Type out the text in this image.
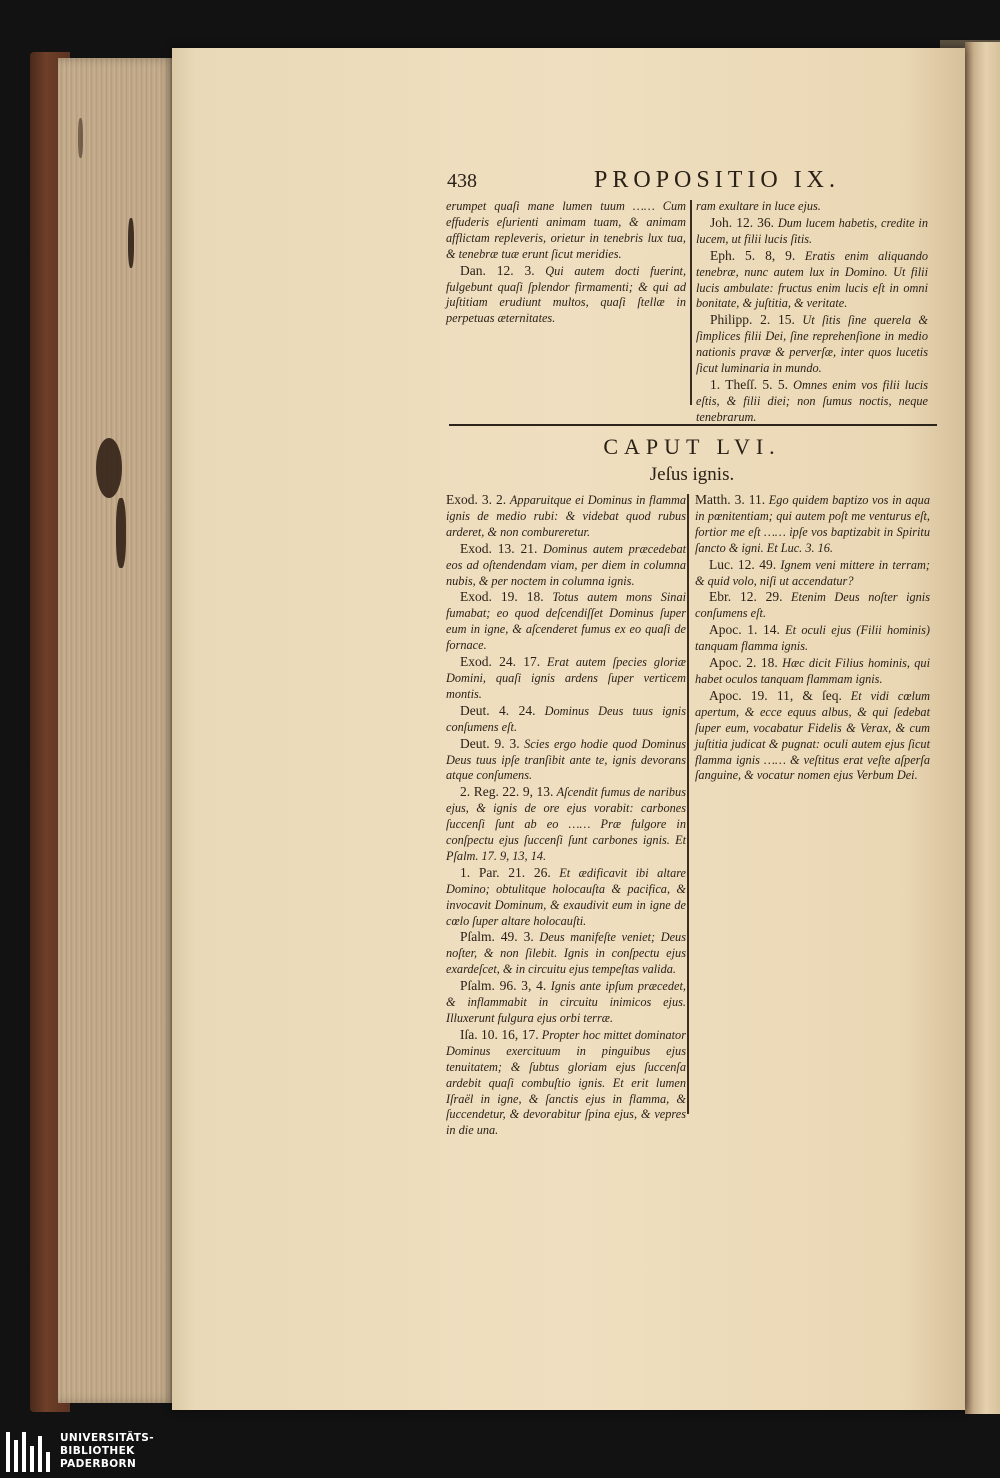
438	PROPOSITIO IX.

erumpet quaſi mane lumen tuum …… Cum effuderis eſurienti animam tuam, & animam afflictam repleveris, orietur in tenebris lux tua, & tenebræ tuæ erunt ſicut meridies.

Dan. 12. 3. Qui autem docti fuerint, fulgebunt quaſi ſplendor firmamenti; & qui ad juſtitiam erudiunt multos, quaſi ſtellæ in perpetuas æternitates.

ram exultare in luce ejus.

Joh. 12. 36. Dum lucem habetis, credite in lucem, ut filii lucis ſitis.

Eph. 5. 8, 9. Eratis enim aliquando tenebræ, nunc autem lux in Domino. Ut filii lucis ambulate: fructus enim lucis eſt in omni bonitate, & juſtitia, & veritate.

Philipp. 2. 15. Ut ſitis ſine querela & ſimplices filii Dei, ſine reprehenſione in medio nationis pravæ & perverſæ, inter quos lucetis ſicut luminaria in mundo.

1. Theſſ. 5. 5. Omnes enim vos filii lucis eſtis, & filii diei; non ſumus noctis, neque tenebrarum.

CAPUT LVI.
Jeſus ignis.

Exod. 3. 2. Apparuitque ei Dominus in flamma ignis de medio rubi: & videbat quod rubus arderet, & non combureretur.

Exod. 13. 21. Dominus autem præcedebat eos ad oſtendendam viam, per diem in columna nubis, & per noctem in columna ignis.

Exod. 19. 18. Totus autem mons Sinai fumabat; eo quod deſcendiſſet Dominus ſuper eum in igne, & aſcenderet fumus ex eo quaſi de fornace.

Exod. 24. 17. Erat autem ſpecies gloriæ Domini, quaſi ignis ardens ſuper verticem montis.

Deut. 4. 24. Dominus Deus tuus ignis conſumens eſt.

Deut. 9. 3. Scies ergo hodie quod Dominus Deus tuus ipſe tranſibit ante te, ignis devorans atque conſumens.

2. Reg. 22. 9, 13. Aſcendit fumus de naribus ejus, & ignis de ore ejus vorabit: carbones ſuccenſi ſunt ab eo …… Præ fulgore in conſpectu ejus ſuccenſi ſunt carbones ignis. Et Pſalm. 17. 9, 13, 14.

1. Par. 21. 26. Et ædificavit ibi altare Domino; obtulitque holocauſta & pacifica, & invocavit Dominum, & exaudivit eum in igne de cœlo ſuper altare holocauſti.

Pſalm. 49. 3. Deus manifeſte veniet; Deus noſter, & non ſilebit. Ignis in conſpectu ejus exardeſcet, & in circuitu ejus tempeſtas valida.

Pſalm. 96. 3, 4. Ignis ante ipſum præcedet, & inflammabit in circuitu inimicos ejus. Illuxerunt fulgura ejus orbi terræ.

Iſa. 10. 16, 17. Propter hoc mittet dominator Dominus exercituum in pinguibus ejus tenuitatem; & ſubtus gloriam ejus ſuccenſa ardebit quaſi combuſtio ignis. Et erit lumen Iſraël in igne, & ſanctis ejus in flamma, & ſuccendetur, & devorabitur ſpina ejus, & vepres in die una.

Matth. 3. 11. Ego quidem baptizo vos in aqua in pœnitentiam; qui autem poſt me venturus eſt, fortior me eſt …… ipſe vos baptizabit in Spiritu ſancto & igni. Et Luc. 3. 16.

Luc. 12. 49. Ignem veni mittere in terram; & quid volo, niſi ut accendatur?

Ebr. 12. 29. Etenim Deus noſter ignis conſumens eſt.

Apoc. 1. 14. Et oculi ejus (Filii hominis) tanquam flamma ignis.

Apoc. 2. 18. Hæc dicit Filius hominis, qui habet oculos tanquam flammam ignis.

Apoc. 19. 11, & ſeq. Et vidi cœlum apertum, & ecce equus albus, & qui ſedebat ſuper eum, vocabatur Fidelis & Verax, & cum juſtitia judicat & pugnat: oculi autem ejus ſicut flamma ignis …… & veſtitus erat veſte aſperſa ſanguine, & vocatur nomen ejus Verbum Dei.

UNIVERSITÄTS-
BIBLIOTHEK
PADERBORN
